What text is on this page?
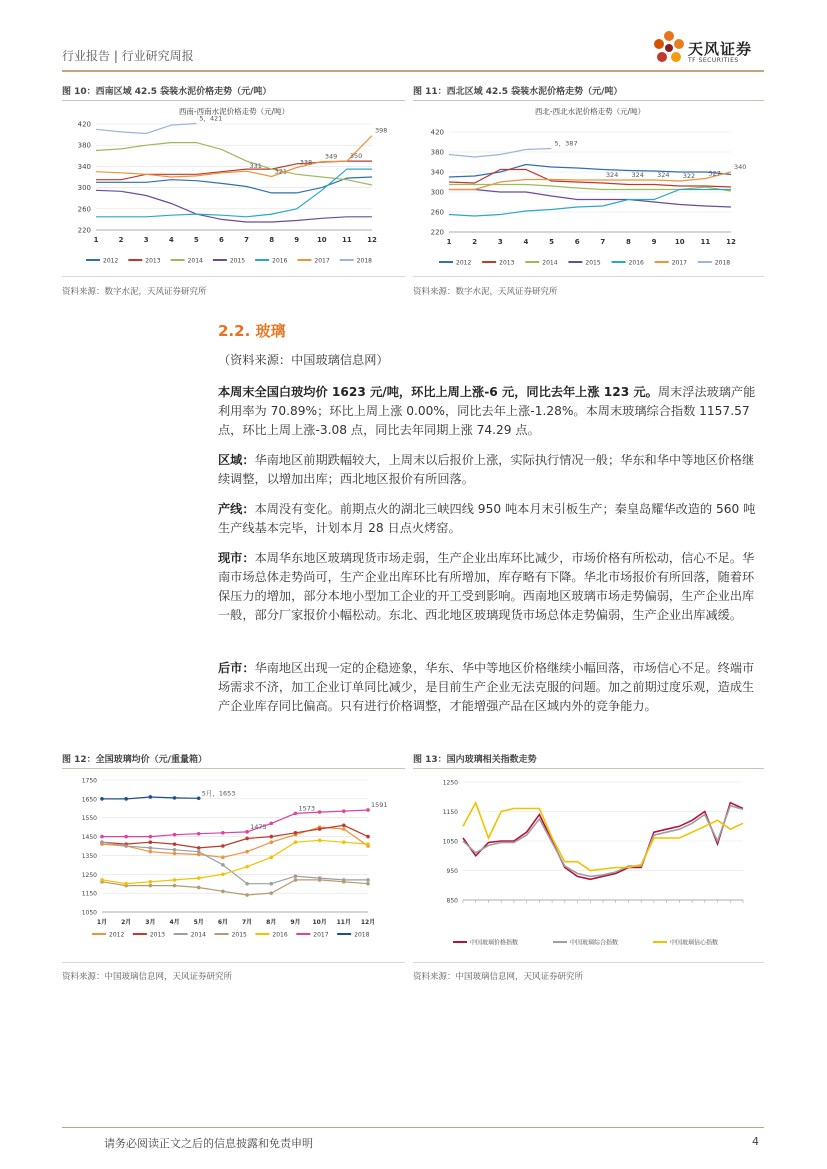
行业报告 | 行业研究周报	天风证券
TF SECURITIES
图 10：西南区域 42.5 袋装水泥价格走势（元/吨）
西南-西南水泥价格走势（元/吨）
220
260
300
340
380
420
1	2	3	4	5	6	7	8	9	10 11 12
5，421
331
321
338
349 350
398
2012	2013	2014	2015	2016	2017	2018
资料来源：数字水泥，天风证券研究所
图 11：西北区域 42.5 袋装水泥价格走势（元/吨）
西北-西北水泥价格走势（元/吨）
220
260
300
340
380
420
1	2	3	4	5	6	7	8	9	10 11 12
5，387
324 324 324 322 327
340
2012	2013	2014	2015	2016	2017	2018
资料来源：数字水泥，天风证券研究所
2.2. 玻璃
（资料来源：中国玻璃信息网）
本周末全国白玻均价 1623 元/吨，环比上周上涨-6 元，同比去年上涨 123 元。周末浮法玻璃产能利用率为 70.89%；环比上周上涨 0.00%，同比去年上涨-1.28%。本周末玻璃综合指数 1157.57 点，环比上周上涨-3.08 点，同比去年同期上涨 74.29 点。
区域：华南地区前期跌幅较大，上周末以后报价上涨，实际执行情况一般；华东和华中等地区价格继续调整，以增加出库；西北地区报价有所回落。
产线：本周没有变化。前期点火的湖北三峡四线 950 吨本月末引板生产；秦皇岛耀华改造的 560 吨生产线基本完毕，计划本月 28 日点火烤窑。
现市：本周华东地区玻璃现货市场走弱，生产企业出库环比减少，市场价格有所松动，信心不足。华南市场总体走势尚可，生产企业出库环比有所增加，库存略有下降。华北市场报价有所回落，随着环保压力的增加，部分本地小型加工企业的开工受到影响。西南地区玻璃市场走势偏弱，生产企业出库一般，部分厂家报价小幅松动。东北、西北地区玻璃现货市场总体走势偏弱，生产企业出库减缓。
后市：华南地区出现一定的企稳迹象，华东、华中等地区价格继续小幅回落，市场信心不足。终端市场需求不济，加工企业订单同比减少，是目前生产企业无法克服的问题。加之前期过度乐观，造成生产企业库存同比偏高。只有进行价格调整，才能增强产品在区域内外的竞争能力。
图 12：全国玻璃均价（元/重量箱）
1050
1150
1250
1350
1450
1550
1650
1750
1月 2月 3月 4月 5月 6月 7月 8月 9月 10月 11月 12月
5月，1653
1475
1573	1591
2012	2013	2014	2015	2016	2017	2018
资料来源：中国玻璃信息网，天风证券研究所
图 13：国内玻璃相关指数走势
850
950
1050
1150
1250
中国玻璃价格指数	中国玻璃综合指数	中国玻璃信心指数
资料来源：中国玻璃信息网，天风证券研究所
请务必阅读正文之后的信息披露和免责申明	4
